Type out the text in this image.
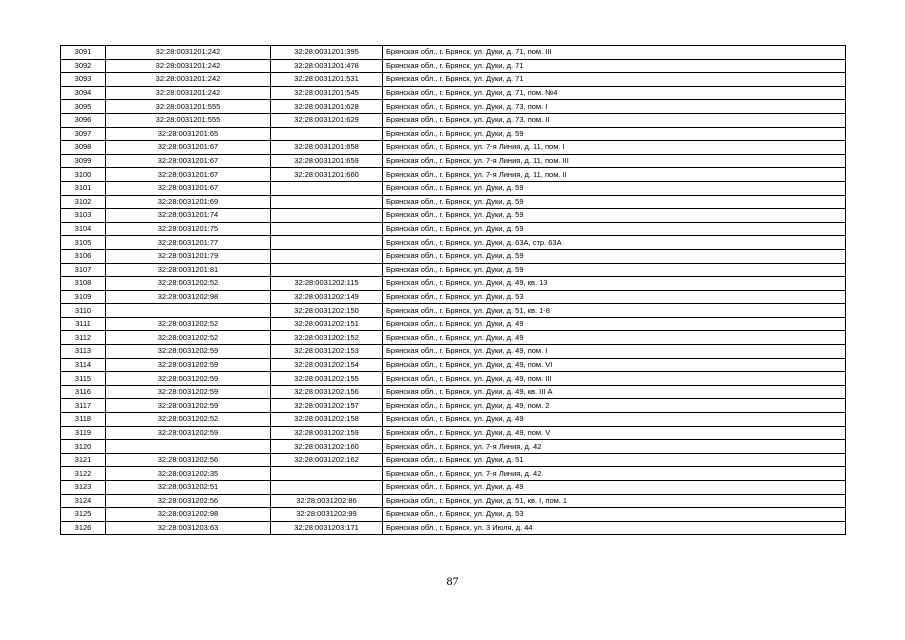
3091	32:28:0031201:242	32:28:0031201:395	Брянская обл., г. Брянск, ул. Дуки, д. 71, пом. III
3092	32:28:0031201:242	32:28:0031201:478	Брянская обл., г. Брянск, ул. Дуки, д. 71
3093	32:28:0031201:242	32:28:0031201:531	Брянская обл., г. Брянск, ул. Дуки, д. 71
3094	32:28:0031201:242	32:28:0031201:545	Брянская обл., г. Брянск, ул. Дуки, д. 71, пом. №4
3095	32:28:0031201:555	32:28:0031201:628	Брянская обл., г. Брянск, ул. Дуки, д. 73, пом. I
3096	32:28:0031201:555	32:28:0031201:629	Брянская обл., г. Брянск, ул. Дуки, д. 73, пом. II
3097	32:28:0031201:65		Брянская обл., г. Брянск, ул. Дуки, д. 59
3098	32:28:0031201:67	32:28:0031201:658	Брянская обл., г. Брянск, ул. 7-я Линия, д. 11, пом. I
3099	32:28:0031201:67	32:28:0031201:659	Брянская обл., г. Брянск, ул. 7-я Линия, д. 11, пом. III
3100	32:28:0031201:67	32:28:0031201:660	Брянская обл., г. Брянск, ул. 7-я Линия, д. 11, пом. II
3101	32:28:0031201:67		Брянская обл., г. Брянск, ул. Дуки, д. 59
3102	32:28:0031201:69		Брянская обл., г. Брянск, ул. Дуки, д. 59
3103	32:28:0031201:74		Брянская обл., г. Брянск, ул. Дуки, д. 59
3104	32:28:0031201:75		Брянская обл., г. Брянск, ул. Дуки, д. 59
3105	32:28:0031201:77		Брянская обл., г. Брянск, ул. Дуки, д. 63А, стр. 63А
3106	32:28:0031201:79		Брянская обл., г. Брянск, ул. Дуки, д. 59
3107	32:28:0031201:81		Брянская обл., г. Брянск, ул. Дуки, д. 59
3108	32:28:0031202:52	32:28:0031202:115	Брянская обл., г. Брянск, ул. Дуки, д. 49, кв. 13
3109	32:28:0031202:98	32:28:0031202:149	Брянская обл., г. Брянск, ул. Дуки, д. 53
3110		32:28:0031202:150	Брянская обл., г. Брянск, ул. Дуки, д. 51, кв. 1-8
3111	32:28:0031202:52	32:28:0031202:151	Брянская обл., г. Брянск, ул. Дуки, д. 49
3112	32:28:0031202:52	32:28:0031202:152	Брянская обл., г. Брянск, ул. Дуки, д. 49
3113	32:28:0031202:59	32:28:0031202:153	Брянская обл., г. Брянск, ул. Дуки, д. 49, пом. I
3114	32:28:0031202:59	32:28:0031202:154	Брянская обл., г. Брянск, ул. Дуки, д. 49, пом. VI
3115	32:28:0031202:59	32:28:0031202:155	Брянская обл., г. Брянск, ул. Дуки, д. 49, пом. III
3116	32:28:0031202:59	32:28:0031202:156	Брянская обл., г. Брянск, ул. Дуки, д. 49, кв. III А
3117	32:28:0031202:59	32:28:0031202:157	Брянская обл., г. Брянск, ул. Дуки, д. 49, пом. 2
3118	32:28:0031202:52	32:28:0031202:158	Брянская обл., г. Брянск, ул. Дуки, д. 49
3119	32:28:0031202:59	32:28:0031202:159	Брянская обл., г. Брянск, ул. Дуки, д. 49, пом. V
3120		32:28:0031202:160	Брянская обл., г. Брянск, ул. 7-я Линия, д. 42
3121	32:28:0031202:56	32:28:0031202:162	Брянская обл., г. Брянск, ул. Дуки, д. 51
3122	32:28:0031202:35		Брянская обл., г. Брянск, ул. 7-я Линия, д. 42
3123	32:28:0031202:51		Брянская обл., г. Брянск, ул. Дуки, д. 49
3124	32:28:0031202:56	32:28:0031202:86	Брянская обл., г. Брянск, ул. Дуки, д. 51, кв. I, пом. 1
3125	32:28:0031202:98	32:28:0031202:99	Брянская обл., г. Брянск, ул. Дуки, д. 53
3126	32:28:0031203:63	32:28:0031203:171	Брянская обл., г. Брянск, ул. 3 Июля, д. 44
87
